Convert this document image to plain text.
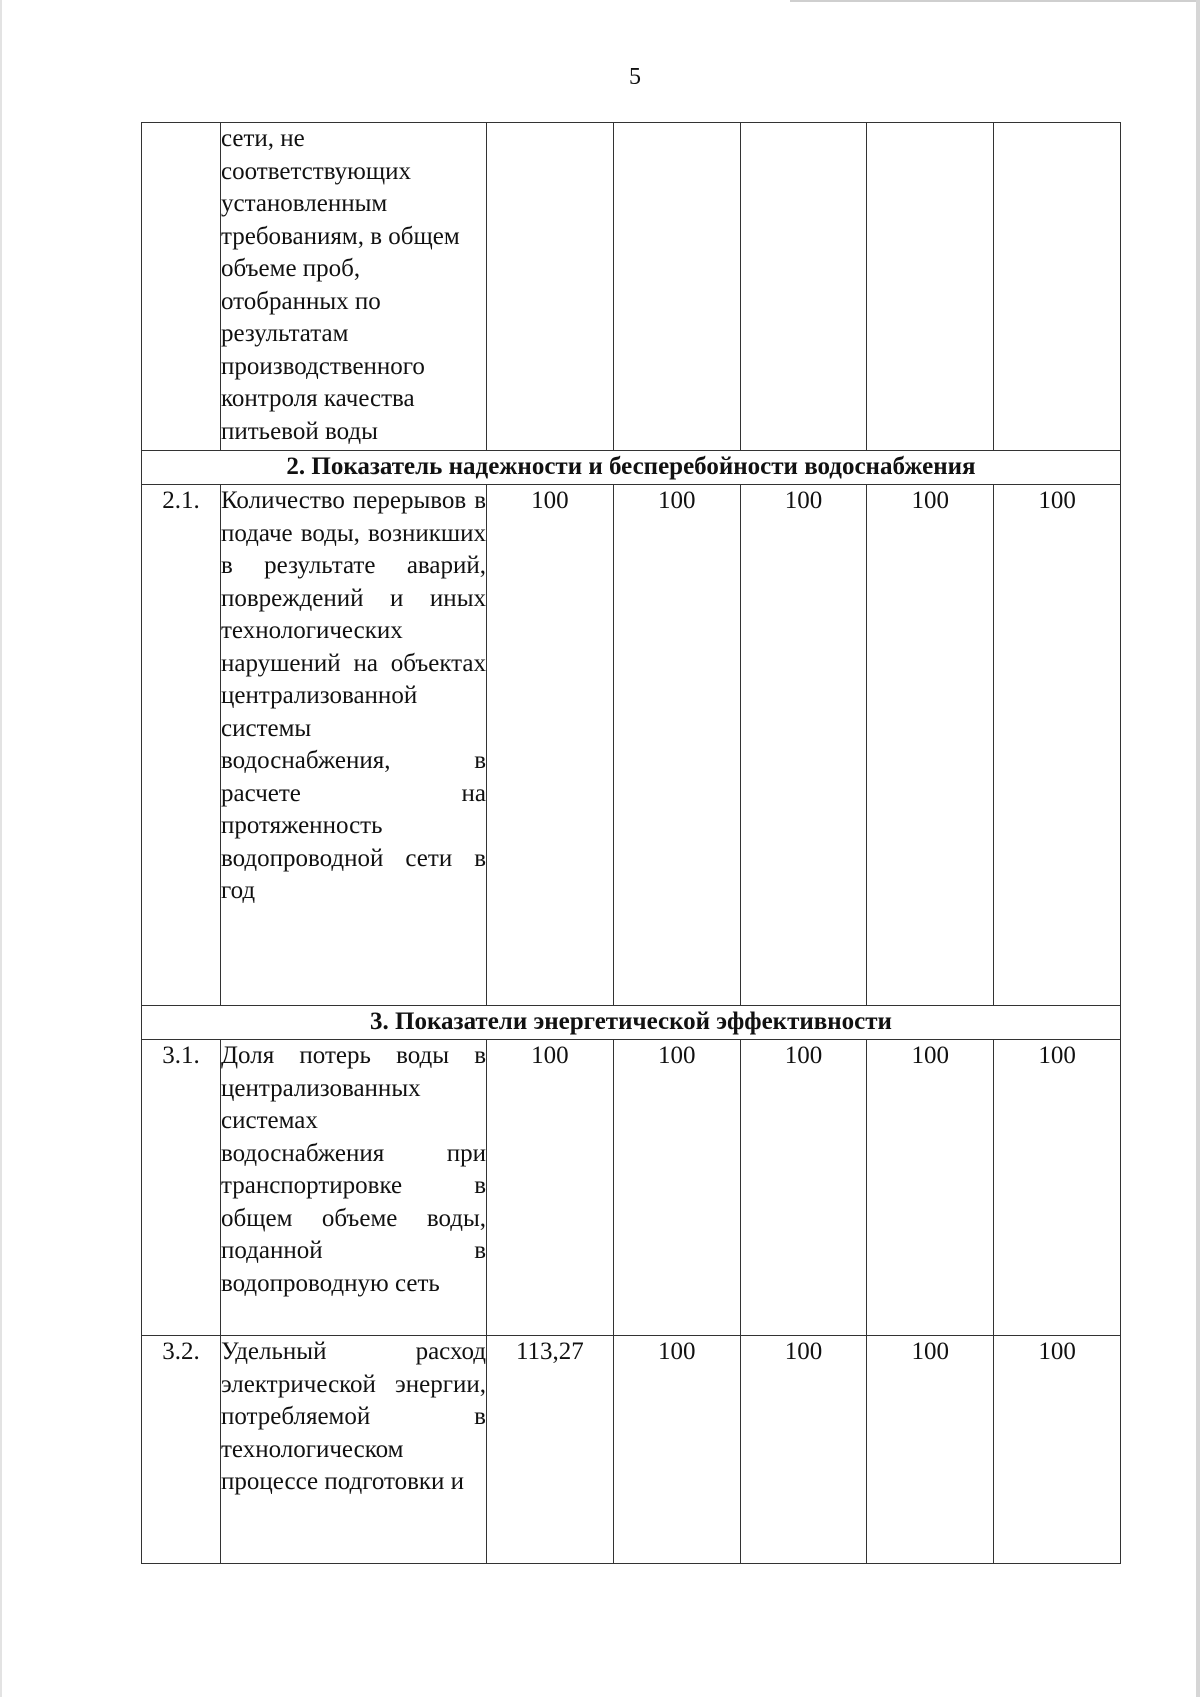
5
	сети, не соответствующих установленным требованиям, в общем объеме проб, отобранных по результатам производственного контроля качества питьевой воды					
2. Показатель надежности и бесперебойности водоснабжения						
2.1.	Количество перерывов в подаче воды, возникших в результате аварий, повреждений и иных технологических нарушений на объектах централизованной системы водоснабжения, в расчете на протяженность водопроводной сети в год	100	100	100	100	100
3. Показатели энергетической эффективности						
3.1.	Доля потерь воды в централизованных системах водоснабжения при транспортировке в общем объеме воды, поданной в водопроводную сеть	100	100	100	100	100
3.2.	Удельный расход электрической энергии, потребляемой в технологическом процессе подготовки и	113,27	100	100	100	100
